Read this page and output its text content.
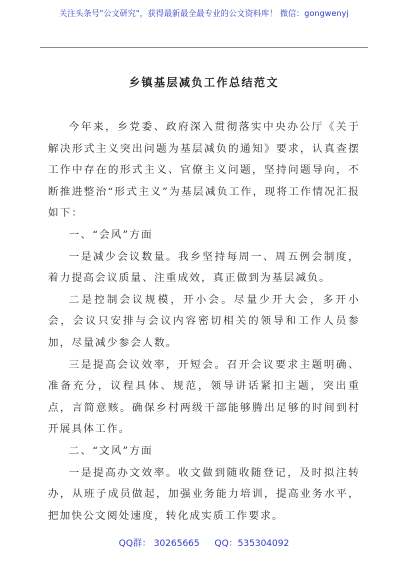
关注头条号"公文研究"，获得最新最全最专业的公文资料库！ 微信：gongwenyj
乡镇基层减负工作总结范文

今年来，乡党委、政府深入贯彻落实中央办公厅《关于解决形式主义突出问题为基层减负的通知》要求，认真查摆工作中存在的形式主义、官僚主义问题，坚持问题导向，不断推进整治“形式主义”为基层减负工作，现将工作情况汇报如下：

一、“会风”方面

一是减少会议数量。我乡坚持每周一、周五例会制度，着力提高会议质量、注重成效，真正做到为基层减负。

二是控制会议规模，开小会。尽量少开大会，多开小会，会议只安排与会议内容密切相关的领导和工作人员参加，尽量减少参会人数。

三是提高会议效率，开短会。召开会议要求主题明确、准备充分，议程具体、规范，领导讲话紧扣主题，突出重点，言简意赅。确保乡村两级干部能够腾出足够的时间到村开展具体工作。

二、“文风”方面

一是提高办文效率。收文做到随收随登记，及时拟注转办，从班子成员做起，加强业务能力培训，提高业务水平，把加快公文阅处速度，转化成实质工作要求。

QQ群： 30265665 QQ：535304092
